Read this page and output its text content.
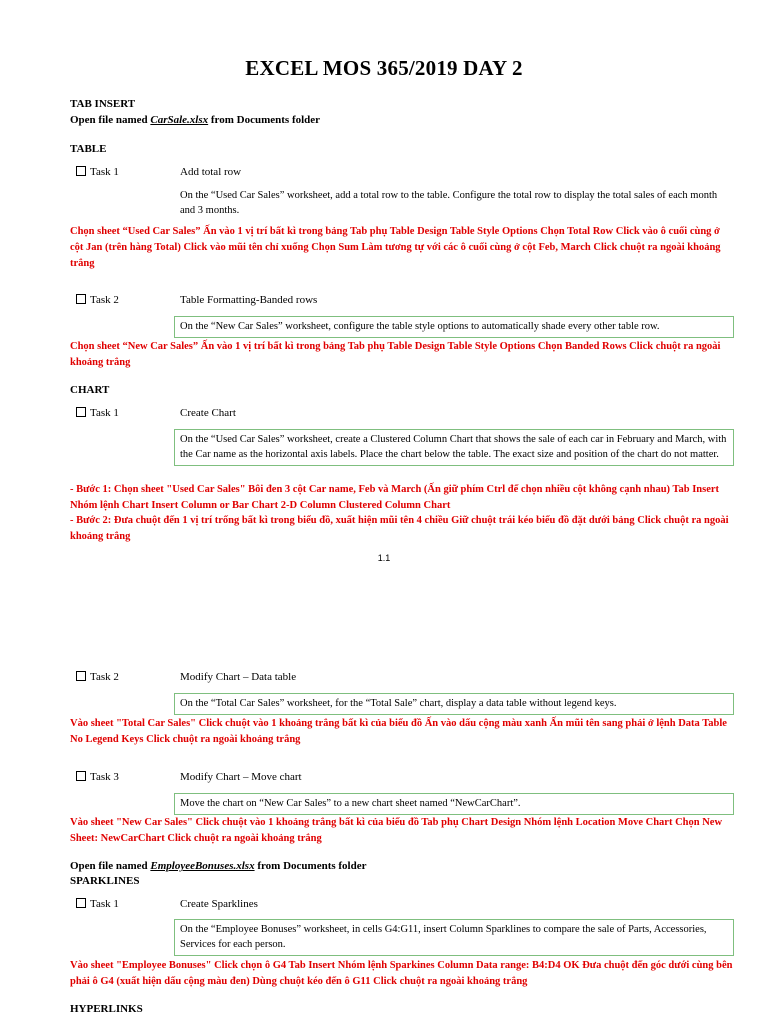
EXCEL MOS 365/2019 DAY 2
TAB INSERT
Open file named CarSale.xlsx from Documents folder
TABLE
Task 1	Add total row
On the “Used Car Sales” worksheet, add a total row to the table. Configure the total row to display the total sales of each month and 3 months.
Chọn sheet “Used Car Sales” Ấn vào 1 vị trí bất kì trong bảng Tab phụ Table Design Table Style Options Chọn Total Row Click vào ô cuối cùng ở cột Jan (trên hàng Total) Click vào mũi tên chỉ xuống Chọn Sum Làm tương tự với các ô cuối cùng ở cột Feb, March Click chuột ra ngoài khoảng trắng
Task 2	Table Formatting-Banded rows
On the “New Car Sales” worksheet, configure the table style options to automatically shade every other table row.
Chọn sheet “New Car Sales” Ấn vào 1 vị trí bất kì trong bảng Tab phụ Table Design Table Style Options Chọn Banded Rows Click chuột ra ngoài khoảng trắng
CHART
Task 1	Create Chart
On the “Used Car Sales” worksheet, create a Clustered Column Chart that shows the sale of each car in February and March, with the Car name as the horizontal axis labels. Place the chart below the table. The exact size and position of the chart do not matter.
- Bước 1: Chọn sheet "Used Car Sales" Bôi đen 3 cột Car name, Feb và March (Ấn giữ phím Ctrl để chọn nhiều cột không cạnh nhau) Tab Insert Nhóm lệnh Chart Insert Column or Bar Chart 2-D Column Clustered Column Chart
- Bước 2: Đưa chuột đến 1 vị trí trống bất kì trong biểu đồ, xuất hiện mũi tên 4 chiều Giữ chuột trái kéo biểu đồ đặt dưới bảng Click chuột ra ngoài khoảng trắng
1.1
Task 2	Modify Chart – Data table
On the “Total Car Sales” worksheet, for the “Total Sale” chart, display a data table without legend keys.
Vào sheet "Total Car Sales" Click chuột vào 1 khoảng trắng bất kì của biểu đồ Ấn vào dấu cộng màu xanh Ấn mũi tên sang phải ở lệnh Data Table No Legend Keys Click chuột ra ngoài khoảng trắng
Task 3	Modify Chart – Move chart
Move the chart on “New Car Sales” to a new chart sheet named “NewCarChart”.
Vào sheet "New Car Sales" Click chuột vào 1 khoảng trắng bất kì của biểu đồ Tab phụ Chart Design Nhóm lệnh Location Move Chart Chọn New Sheet: NewCarChart Click chuột ra ngoài khoảng trắng
Open file named EmployeeBonuses.xlsx from Documents folder
SPARKLINES
Task 1	Create Sparklines
On the “Employee Bonuses” worksheet, in cells G4:G11, insert Column Sparklines to compare the sale of Parts, Accessories, Services for each person.
Vào sheet "Employee Bonuses" Click chọn ô G4 Tab Insert Nhóm lệnh Sparkines Column Data range: B4:D4 OK Đưa chuột đến góc dưới cùng bên phải ô G4 (xuất hiện dấu cộng màu đen) Dùng chuột kéo đến ô G11 Click chuột ra ngoài khoảng trắng
HYPERLINKS
